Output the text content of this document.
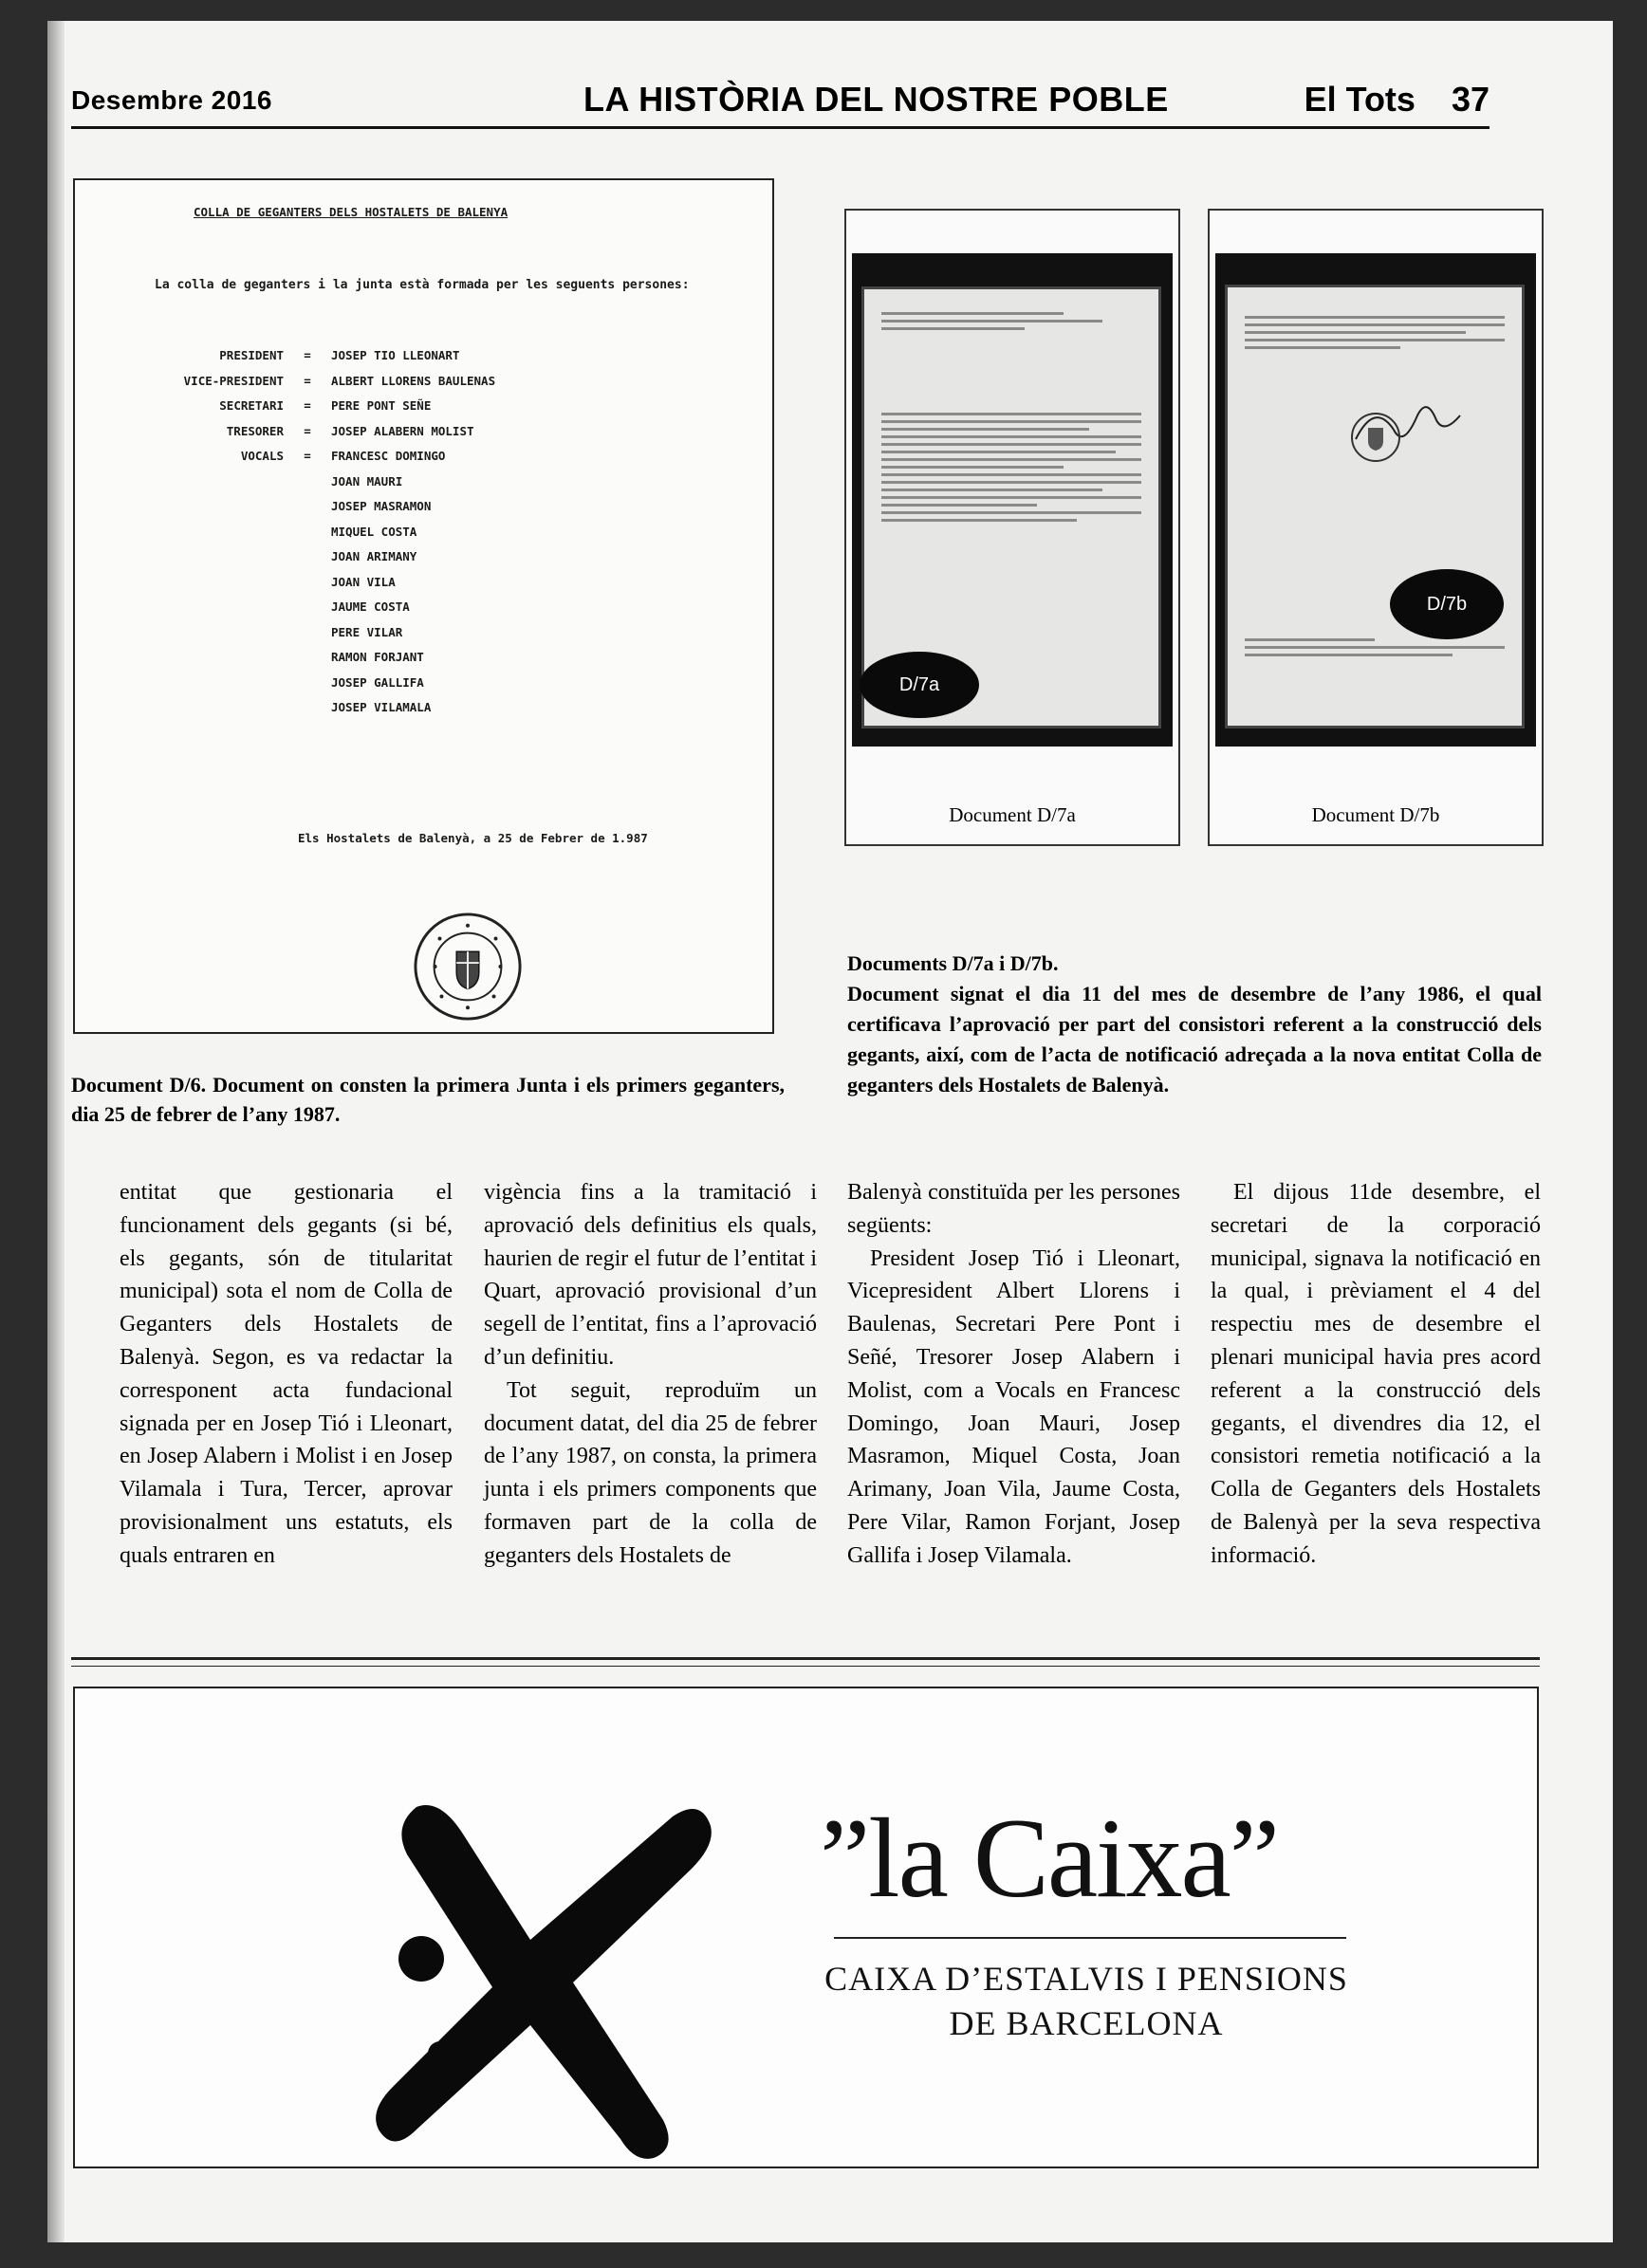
Desembre 2016	LA HISTÒRIA DEL NOSTRE POBLE	El Tots 37
COLLA DE GEGANTERS DELS HOSTALETS DE BALENYA
La colla de geganters i la junta està formada per les seguents persones:
PRESIDENT	=	JOSEP TIO LLEONART
VICE-PRESIDENT	=	ALBERT LLORENS BAULENAS
SECRETARI	=	PERE PONT SEÑE
TRESORER	=	JOSEP ALABERN MOLIST
VOCALS	=	FRANCESC DOMINGO
JOAN MAURI
JOSEP MASRAMON
MIQUEL COSTA
JOAN ARIMANY
JOAN VILA
JAUME COSTA
PERE VILAR
RAMON FORJANT
JOSEP GALLIFA
JOSEP VILAMALA
Els Hostalets de Balenyà, a 25 de Febrer de 1.987
Document D/6. Document on consten la primera Junta i els primers geganters, dia 25 de febrer de l’any 1987.
D/7a
Document D/7a
D/7b
Document D/7b
Documents D/7a i D/7b.
Document signat el dia 11 del mes de desembre de l’any 1986, el qual certificava l’aprovació per part del consistori referent a la construcció dels gegants, així, com de l’acta de notificació adreçada a la nova entitat Colla de geganters dels Hostalets de Balenyà.

entitat que gestionaria el funcionament dels gegants (si bé, els gegants, són de titularitat municipal) sota el nom de Colla de Geganters dels Hostalets de Balenyà. Segon, es va redactar la corresponent acta fundacional signada per en Josep Tió i Lleonart, en Josep Alabern i Molist i en Josep Vilamala i Tura, Tercer, aprovar provisionalment uns estatuts, els quals entraren en

vigència fins a la tramitació i aprovació dels definitius els quals, haurien de regir el futur de l’entitat i Quart, aprovació provisional d’un segell de l’entitat, fins a l’aprovació d’un definitiu.

Tot seguit, reproduïm un document datat, del dia 25 de febrer de l’any 1987, on consta, la primera junta i els primers components que formaven part de la colla de geganters dels Hostalets de

Balenyà constituïda per les persones següents:

President Josep Tió i Lleonart, Vicepresident Albert Llorens i Baulenas, Secretari Pere Pont i Señé, Tresorer Josep Alabern i Molist, com a Vocals en Francesc Domingo, Joan Mauri, Josep Masramon, Miquel Costa, Joan Arimany, Joan Vila, Jaume Costa, Pere Vilar, Ramon Forjant, Josep Gallifa i Josep Vilamala.

El dijous 11de desembre, el secretari de la corporació municipal, signava la notificació en la qual, i prèviament el 4 del respectiu mes de desembre el plenari municipal havia pres acord referent a la construcció dels gegants, el divendres dia 12, el consistori remetia notificació a la Colla de Geganters dels Hostalets de Balenyà per la seva respectiva informació.

”la Caixa”
CAIXA D’ESTALVIS I PENSIONS
DE BARCELONA
